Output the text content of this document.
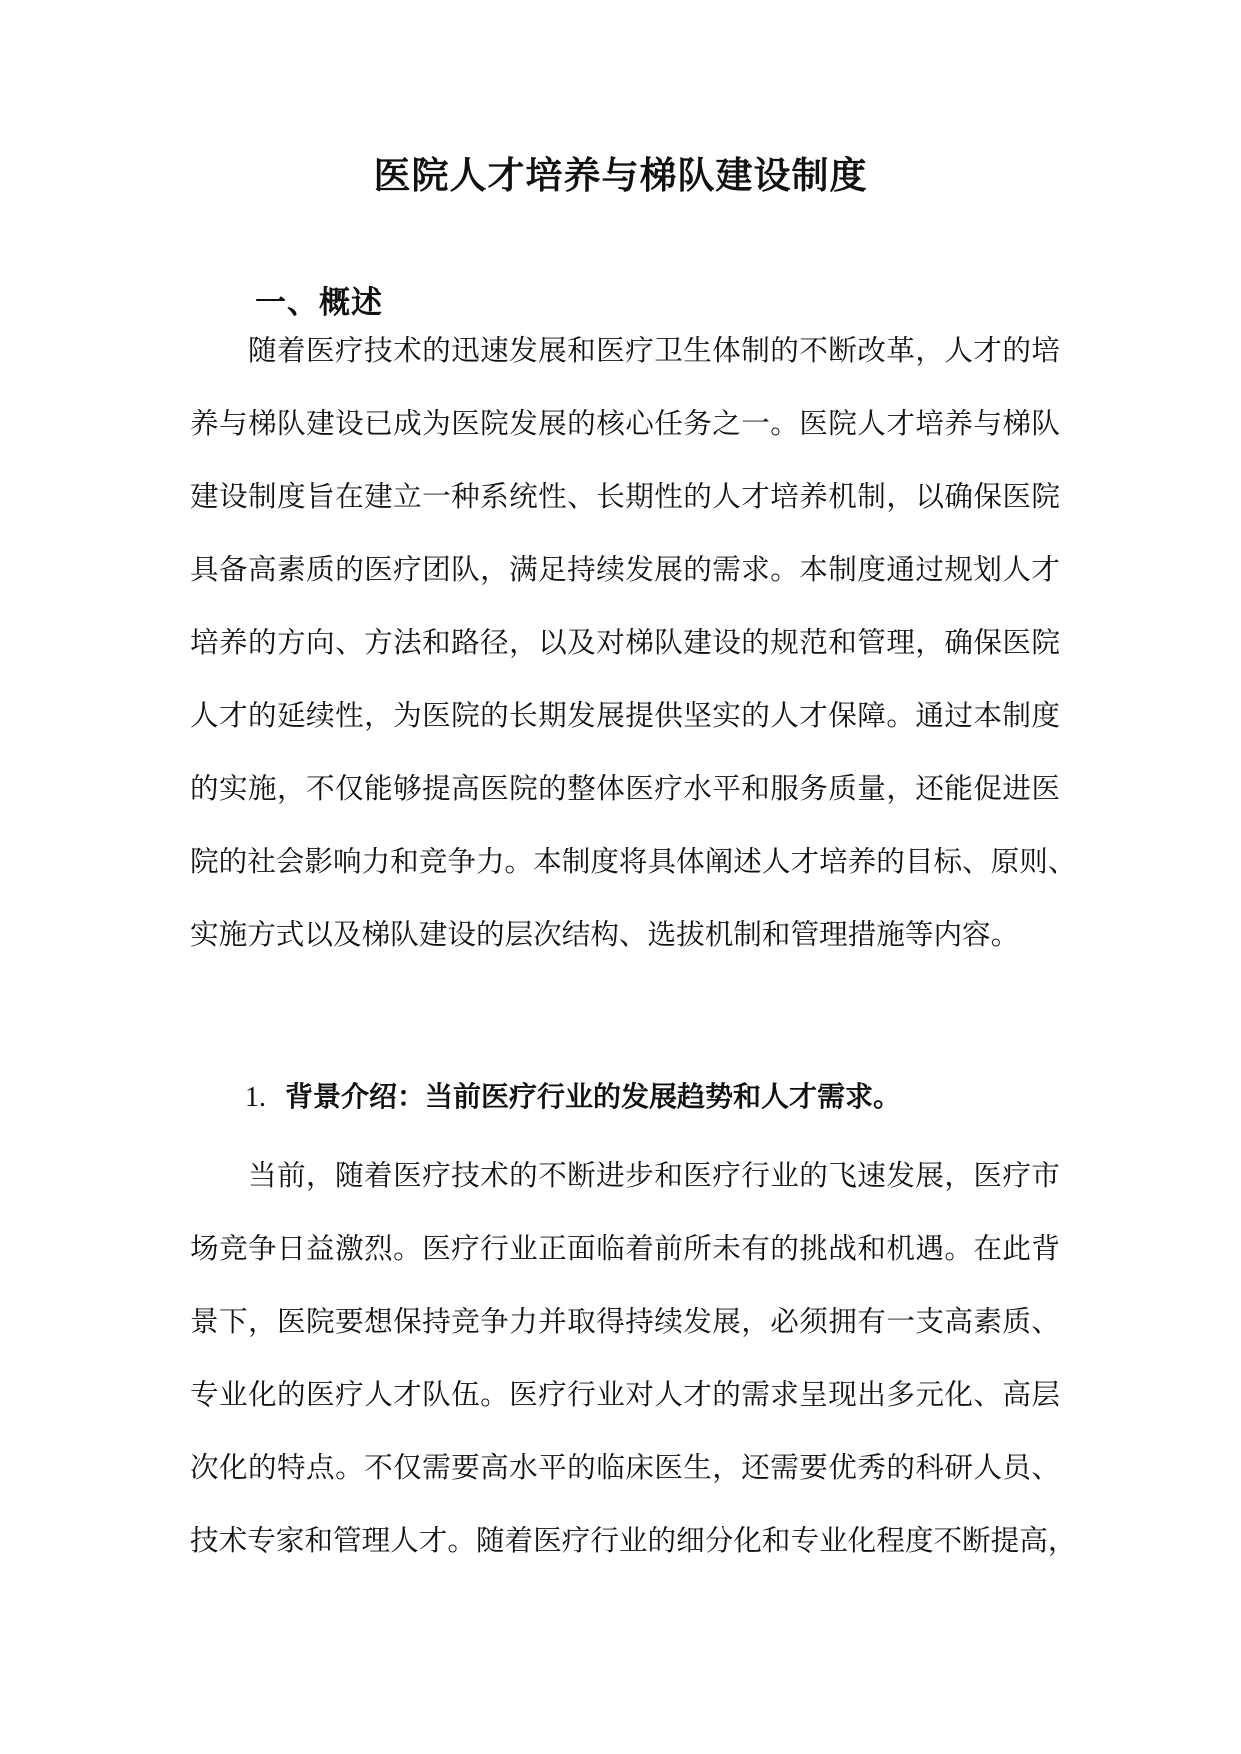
医院人才培养与梯队建设制度
一、概述
随着医疗技术的迅速发展和医疗卫生体制的不断改革，人才的培
养与梯队建设已成为医院发展的核心任务之一。医院人才培养与梯队
建设制度旨在建立一种系统性、长期性的人才培养机制，以确保医院
具备高素质的医疗团队，满足持续发展的需求。本制度通过规划人才
培养的方向、方法和路径，以及对梯队建设的规范和管理，确保医院
人才的延续性，为医院的长期发展提供坚实的人才保障。通过本制度
的实施，不仅能够提高医院的整体医疗水平和服务质量，还能促进医
院的社会影响力和竞争力。本制度将具体阐述人才培养的目标、原则、
实施方式以及梯队建设的层次结构、选拔机制和管理措施等内容。
1. 背景介绍：当前医疗行业的发展趋势和人才需求。
当前，随着医疗技术的不断进步和医疗行业的飞速发展，医疗市
场竞争日益激烈。医疗行业正面临着前所未有的挑战和机遇。在此背
景下，医院要想保持竞争力并取得持续发展，必须拥有一支高素质、
专业化的医疗人才队伍。医疗行业对人才的需求呈现出多元化、高层
次化的特点。不仅需要高水平的临床医生，还需要优秀的科研人员、
技术专家和管理人才。随着医疗行业的细分化和专业化程度不断提高，
